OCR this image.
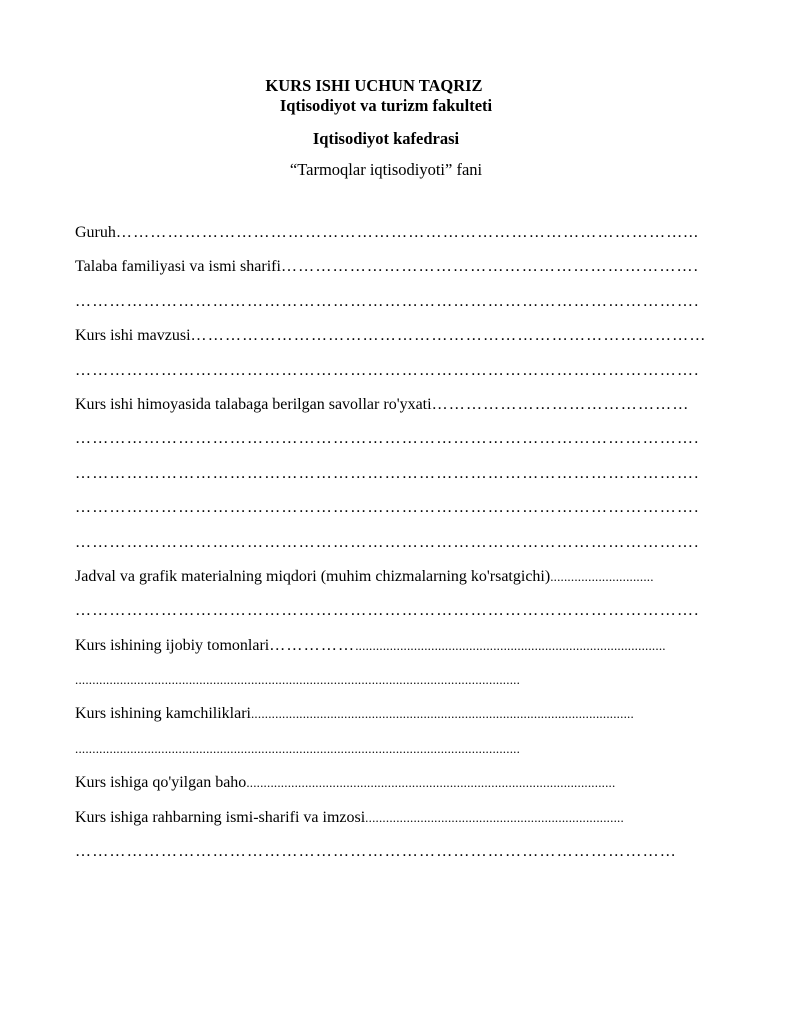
KURS ISHI UCHUN TAQRIZ
Iqtisodiyot va turizm fakulteti
Iqtisodiyot kafedrasi
“Tarmoqlar iqtisodiyoti” fani
Guruh………………………………………………………………………………………...
Talaba familiyasi va ismi sharifi……………………………………………………………….
……………………………………………………………………………………………….
Kurs ishi mavzusi………………………………………………………………………………
……………………………………………………………………………………………….
Kurs ishi himoyasida talabaga berilgan savollar ro'yxati………………………………………
……………………………………………………………………………………………….
……………………………………………………………………………………………….
……………………………………………………………………………………………….
……………………………………………………………………………………………….
Jadval va grafik materialning miqdori (muhim chizmalarning ko'rsatgichi)..............................
……………………………………………………………………………………………….
Kurs ishining ijobiy tomonlari……………..........................................................................................
.................................................................................................................................
Kurs ishining kamchiliklari...............................................................................................................
.................................................................................................................................
Kurs ishiga qo'yilgan baho...........................................................................................................
Kurs ishiga rahbarning ismi-sharifi va imzosi...........................................................................
……………………………………………………………………………………………
